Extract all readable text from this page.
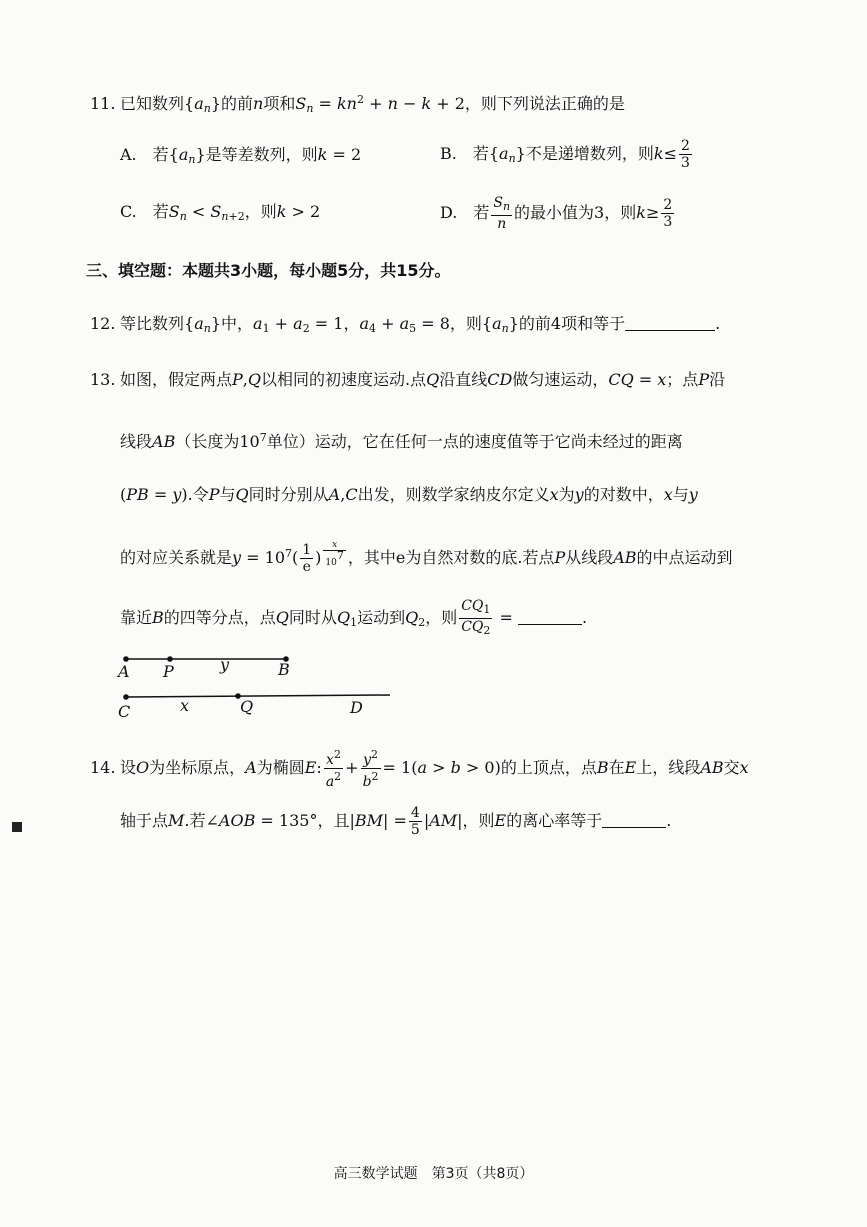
11. 已知数列$\{a_n\}$的前n项和$S_n = kn^2 + n - k + 2$，则下列说法正确的是
A.　若$\{a_n\}$是等差数列，则k = 2	B.　若$\{a_n\}$不是递增数列，则$k\le \frac{2}{3}$
C.　若$S_n < S_{n+2}$，则k > 2	D.　若 $\frac{S_n}{n}$ 的最小值为3，则$k\ge \frac{2}{3}$
三、填空题：本题共3小题，每小题5分，共15分。
12. 等比数列$\{a_n\}$中，$a_1 + a_2 = 1$，$a_4 + a_5 = 8$，则$\{a_n\}$的前4项和等于	.
13. 如图，假定两点P,Q以相同的初速度运动.点Q沿直线CD做匀速运动，CQ = x；点P沿
线段AB（长度为$10^7$单位）运动，它在任何一点的速度值等于它尚未经过的距离
(PB = y).令P与Q同时分别从A,C出发，则数学家纳皮尔定义x为y的对数中，x与y
的对应关系就是$y = 10^7( \frac{1}{e}$ ) $^{\frac{x}{10^7}}$ ，其中e为自然对数的底.若点P从线段AB的中点运动到
靠近B的四等分点，点Q同时从$Q_1$运动到$Q_2$，则 $\frac{CQ_1}{CQ_2}$ =	.
A P	y	B
C	x	Q	D
14. 设O为坐标原点，A为椭圆E: $\frac{x^2}{a^2} + \frac{y^2}{b^2} = 1(a > b > 0)$的上顶点，点B在E上，线段AB交x
轴于点M.若∠AOB = 135°，且$|BM| = \frac{4}{5} |AM|$，则E的离心率等于	.
高三数学试题　第3页（共8页）
